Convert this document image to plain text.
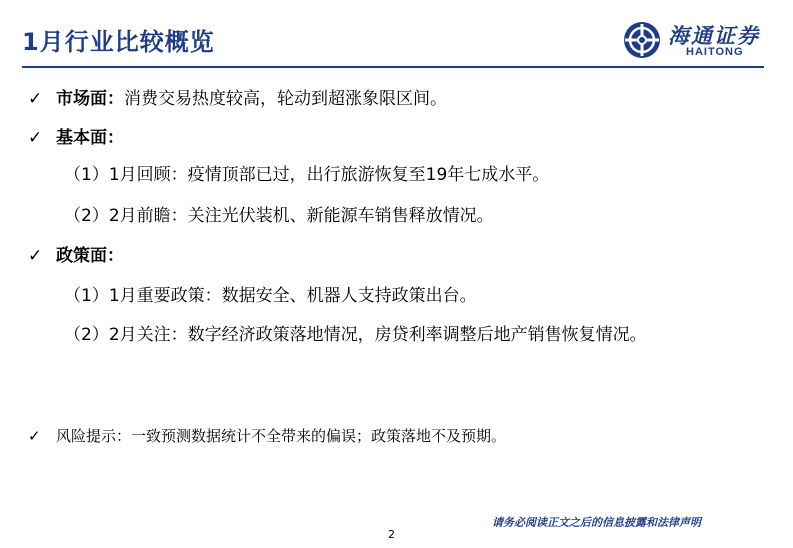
1月行业比较概览	海通证券
HAITONG
✓ 市场面：消费交易热度较高，轮动到超涨象限区间。
✓ 基本面：
（1）1月回顾：疫情顶部已过，出行旅游恢复至19年七成水平。
（2）2月前瞻：关注光伏装机、新能源车销售释放情况。
✓ 政策面：
（1）1月重要政策：数据安全、机器人支持政策出台。

（2）2月关注：数字经济政策落地情况，房贷利率调整后地产销售恢复情况。

✓ 风险提示：一致预测数据统计不全带来的偏误；政策落地不及预期。
请务必阅读正文之后的信息披露和法律声明
2
